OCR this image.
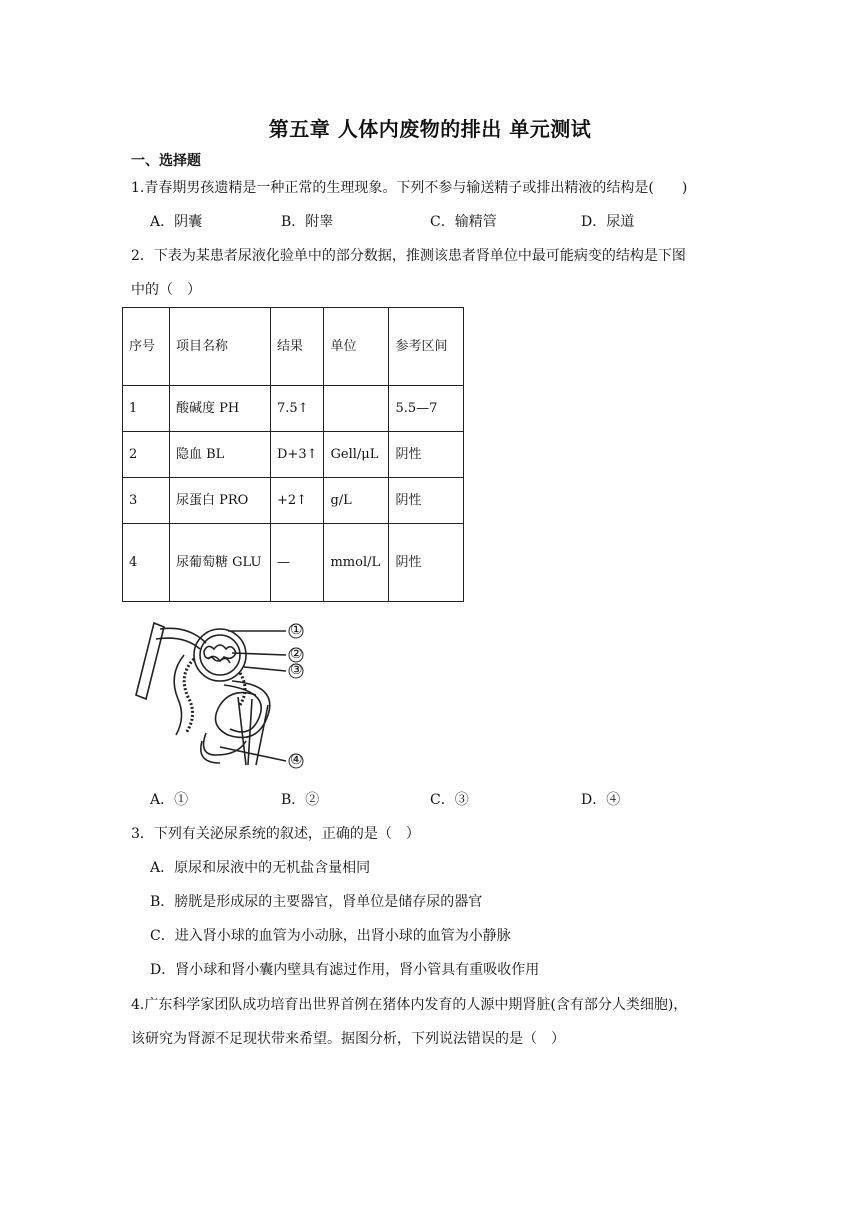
第五章 人体内废物的排出 单元测试
一、选择题
1.青春期男孩遗精是一种正常的生理现象。下列不参与输送精子或排出精液的结构是(　　)
A．阴囊	B．附睾	C．输精管	D．尿道
2．下表为某患者尿液化验单中的部分数据，推测该患者肾单位中最可能病变的结构是下图
中的（　）
序号	项目名称	结果	单位	参考区间
1	酸碱度 PH	7.5↑		5.5—7
2	隐血 BL	D+3↑	Gell/μL	阴性
3	尿蛋白 PRO	+2↑	g/L	阴性
4	尿葡萄糖 GLU	—	mmol/L	阴性
①
②
③
④
A．①	B．②	C．③	D．④
3．下列有关泌尿系统的叙述，正确的是（　）
A．原尿和尿液中的无机盐含量相同
B．膀胱是形成尿的主要器官，肾单位是储存尿的器官
C．进入肾小球的血管为小动脉，出肾小球的血管为小静脉
D．肾小球和肾小囊内壁具有滤过作用，肾小管具有重吸收作用
4.广东科学家团队成功培育出世界首例在猪体内发育的人源中期肾脏(含有部分人类细胞)，
该研究为肾源不足现状带来希望。据图分析，下列说法错误的是（　）
